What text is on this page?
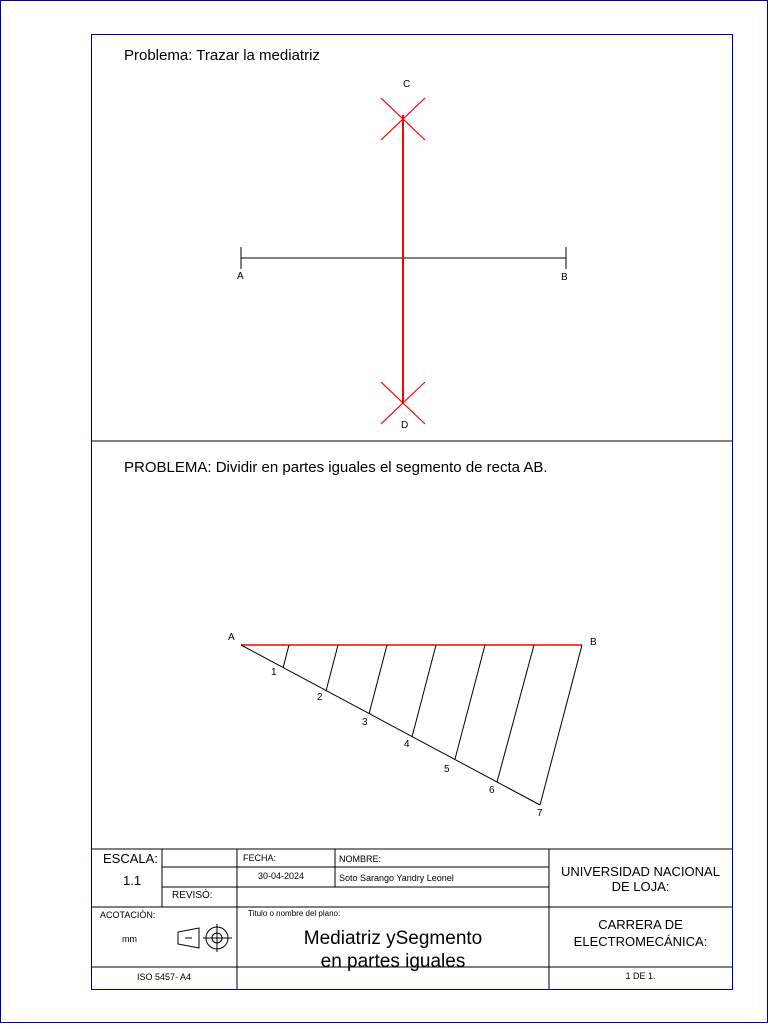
Problema: Trazar la mediatriz
C
A	B
D
PROBLEMA: Dividir en partes iguales el segmento de recta AB.
A	B
1
2
3
4
5
6
7
ESCALA:
1.1
FECHA:
30-04-2024
NOMBRE:
Soto Sarango Yandry Leonel
REVISÒ:
UNIVERSIDAD NACIONAL
DE LOJA:
ACOTACIÒN:
mm
Titulo o nombre del plano:
Mediatriz ySegmento
en partes iguales
CARRERA DE
ELECTROMECÁNICA:
ISO 5457- A4	1 DE 1.
